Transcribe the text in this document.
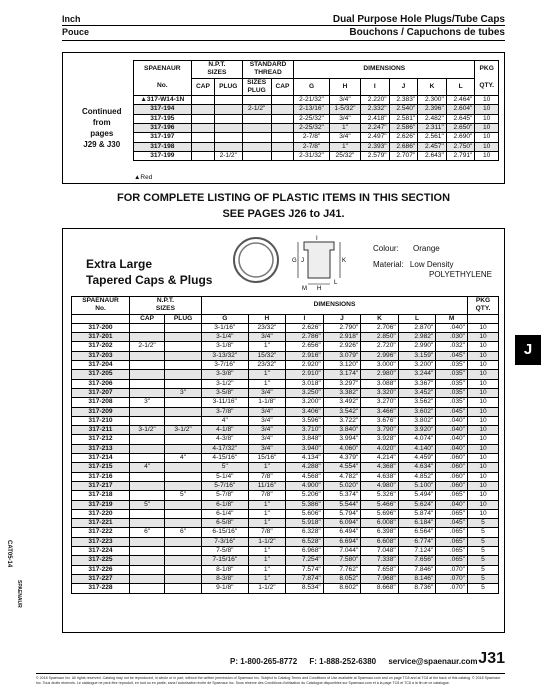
Inch
Pouce
Dual Purpose Hole Plugs/Tube Caps
Bouchons / Capuchons de tubes
	SPAENAUR	N.P.T.		STANDARD		DIMENSIONS						PKG
		SIZES		THREAD								
	No.	CAP	PLUG	SIZES
PLUG	CAP	G	H	I	J	K	L	QTY.

Continued
from
pages
J29 & J30	▲317-W14-1N					2-21/32"	3/4"	2.220"	2.383"	2.300"	2.464"	10
	317-194			2-1/2"		2-13/16"	1-5/32"	2.332"	2.540"	2.396"	2.604"	10
	317-195					2-25/32"	3/4"	2.418"	2.581"	2.482"	2.645"	10
	317-196					2-25/32"	1"	2.247"	2.586"	2.311"	2.650"	10
	317-197					2-7/8"	3/4"	2.497"	2.626"	2.561"	2.690"	10
	317-198					2-7/8"	1"	2.393"	2.686"	2.457"	2.750"	10
	317-199		2-1/2"			2-31/32"	25/32"	2.579"	2.707"	2.643"	2.791"	10
▲Red
FOR COMPLETE LISTING OF PLASTIC ITEMS IN THIS SECTION
SEE PAGES J26 to J41.
Extra Large
Tapered Caps & Plugs
G J
I
K
L
M H
Colour: Orange
Material: Low Density
POLYETHYLENE
SPAENAUR
No.	N.P.T.		DIMENSIONS							PKG
QTY.
	SIZES									
	CAP	PLUG	G	H	I	J	K	L	M	
317-200			3-1/16"	23/32"	2.626"	2.790"	2.706"	2.870"	.040"	10
317-201			3-1/4"	3/4"	2.786"	2.918"	2.850"	2.982"	.030"	10
317-202	2-1/2"		3-1/8"	1"	2.656"	2.926"	2.720"	2.990"	.032"	10
317-203			3-13/32"	15/32"	2.916"	3.079"	2.996"	3.159"	.045"	10
317-204			3-7/16"	23/32"	2.920"	3.120"	3.000"	3.200"	.035"	10
317-205			3-3/8"	1"	2.910"	3.174"	2.980"	3.244"	.035"	10
317-206			3-1/2"	1"	3.018"	3.297"	3.088"	3.367"	.035"	10
317-207		3"	3-5/8"	3/4"	3.250"	3.382"	3.320"	3.452"	.035"	10
317-208	3"		3-11/16"	1-1/8"	3.200"	3.492"	3.270"	3.562"	.035"	10
317-209			3-7/8"	3/4"	3.406"	3.542"	3.466"	3.602"	.045"	10
317-210			4"	3/4"	3.596"	3.722"	3.676"	3.802"	.040"	10
317-211	3-1/2"	3-1/2"	4-1/8"	3/4"	3.710"	3.840"	3.790"	3.920"	.040"	10
317-212			4-3/8"	3/4"	3.848"	3.994"	3.928"	4.074"	.040"	10
317-213			4-17/32"	3/4"	3.940"	4.060"	4.020"	4.140"	.040"	10
317-214		4"	4-15/16"	15/16"	4.134"	4.379"	4.214"	4.459"	.060"	10
317-215	4"		5"	1"	4.288"	4.554"	4.368"	4.634"	.060"	10
317-216			5-1/4"	7/8"	4.568"	4.782"	4.638"	4.852"	.060"	10
317-217			5-7/16"	11/16"	4.900"	5.020"	4.980"	5.100"	.060"	10
317-218		5"	5-7/8"	7/8"	5.206"	5.374"	5.326"	5.494"	.065"	10
317-219	5"		6-1/8"	1"	5.386"	5.544"	5.466"	5.624"	.040"	10
317-220			6-1/4"	1"	5.606"	5.794"	5.696"	5.874"	.065"	10
317-221			6-5/8"	1"	5.918"	6.094"	6.008"	6.184"	.045"	5
317-222	6"	6"	6-15/16"	7/8"	6.328"	6.494"	6.398"	6.564"	.065"	5
317-223			7-3/16"	1-1/2"	6.528"	6.694"	6.608"	6.774"	.065"	5
317-224			7-5/8"	1"	6.968"	7.044"	7.048"	7.124"	.065"	5
317-225			7-15/16"	1"	7.254"	7.580"	7.338"	7.656"	.065"	5
317-226			8-1/8"	1"	7.574"	7.762"	7.658"	7.846"	.070"	5
317-227			8-3/8"	1"	7.874"	8.052"	7.968"	8.146"	.070"	5
317-228			9-1/8"	1-1/2"	8.534"	8.602"	8.668"	8.736"	.070"	5
J
CAT05-14
SPAENAUR
P: 1-800-265-8772 F: 1-888-252-6380 service@spaenaur.com J31
© 2018 Spaenaur Inc. All rights reserved. Catalog may not be reproduced, in whole or in part, without the written permission of Spaenaur Inc. Subject to Catalog Terms and Conditions of Use available at Spaenaur.com and on page TC8 and at TC8 at the back of this catalog. © 2018 Spaenaur Inc. Tous droits réservés. Le catalogue ne peut être reproduit, en tout ou en partie, sans l'autorisation écrite de Spaenaur Inc. Sous réserve des Conditions d'utilisation du Catalogue disponibles sur Spaenaur.com et à la page TC8 et TC8 à la fin de ce catalogue.
